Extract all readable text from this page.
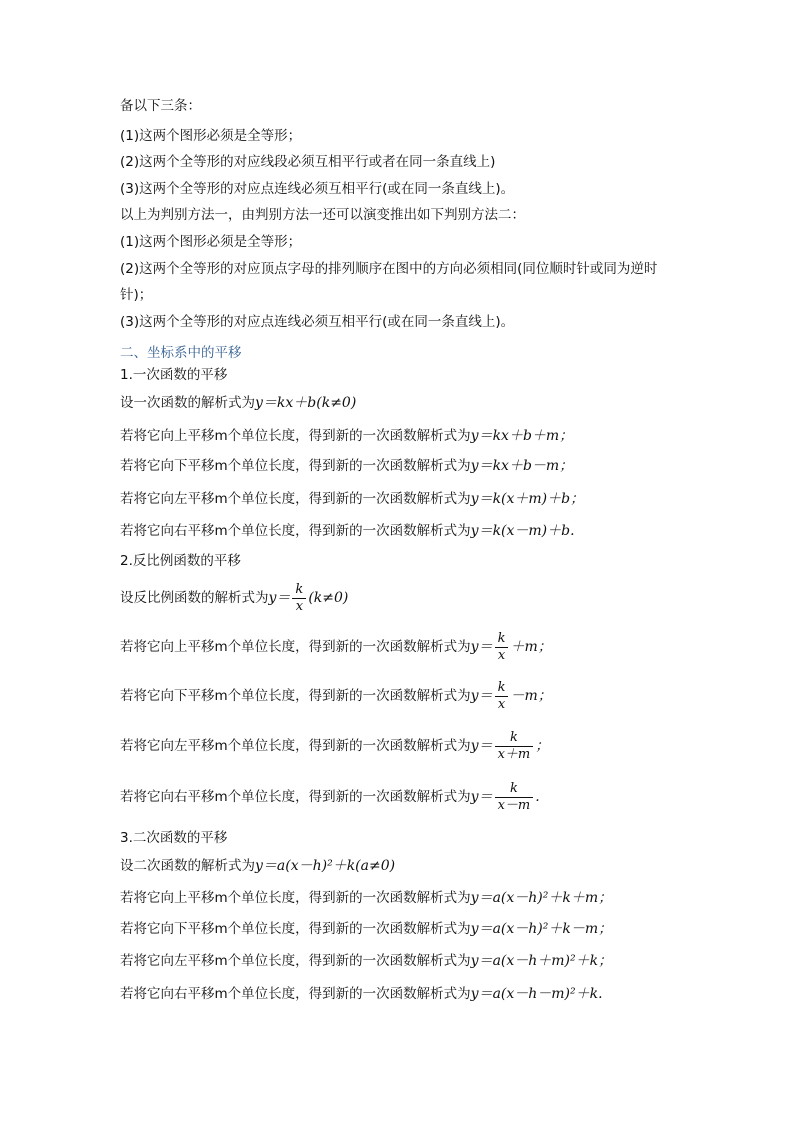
备以下三条：
(1)这两个图形必须是全等形；
(2)这两个全等形的对应线段必须互相平行或者在同一条直线上)
(3)这两个全等形的对应点连线必须互相平行(或在同一条直线上)。
以上为判别方法一，由判别方法一还可以演变推出如下判别方法二：
(1)这两个图形必须是全等形；
(2)这两个全等形的对应顶点字母的排列顺序在图中的方向必须相同(同位顺时针或同为逆时
针)；
(3)这两个全等形的对应点连线必须互相平行(或在同一条直线上)。
二、坐标系中的平移
1.一次函数的平移
设一次函数的解析式为y＝kx＋b(k≠0)
若将它向上平移m个单位长度，得到新的一次函数解析式为y＝kx＋b＋m；
若将它向下平移m个单位长度，得到新的一次函数解析式为y＝kx＋b－m；
若将它向左平移m个单位长度，得到新的一次函数解析式为y＝k(x＋m)＋b；
若将它向右平移m个单位长度，得到新的一次函数解析式为y＝k(x－m)＋b.
2.反比例函数的平移
设反比例函数的解析式为$y= \frac{k}{x} (k\ne 0)$
若将它向上平移m个单位长度，得到新的一次函数解析式为$y= \frac{k}{x} +m$；
若将它向下平移m个单位长度，得到新的一次函数解析式为$y= \frac{k}{x} -m$；
若将它向左平移m个单位长度，得到新的一次函数解析式为$y= \frac{k}{x+m}$ ；
若将它向右平移m个单位长度，得到新的一次函数解析式为$y= \frac{k}{x-m}$ .
3.二次函数的平移
设二次函数的解析式为y＝a(x－h)²＋k(a≠0)
若将它向上平移m个单位长度，得到新的一次函数解析式为y＝a(x－h)²＋k＋m；
若将它向下平移m个单位长度，得到新的一次函数解析式为y＝a(x－h)²＋k－m；
若将它向左平移m个单位长度，得到新的一次函数解析式为y＝a(x－h＋m)²＋k；
若将它向右平移m个单位长度，得到新的一次函数解析式为y＝a(x－h－m)²＋k.
